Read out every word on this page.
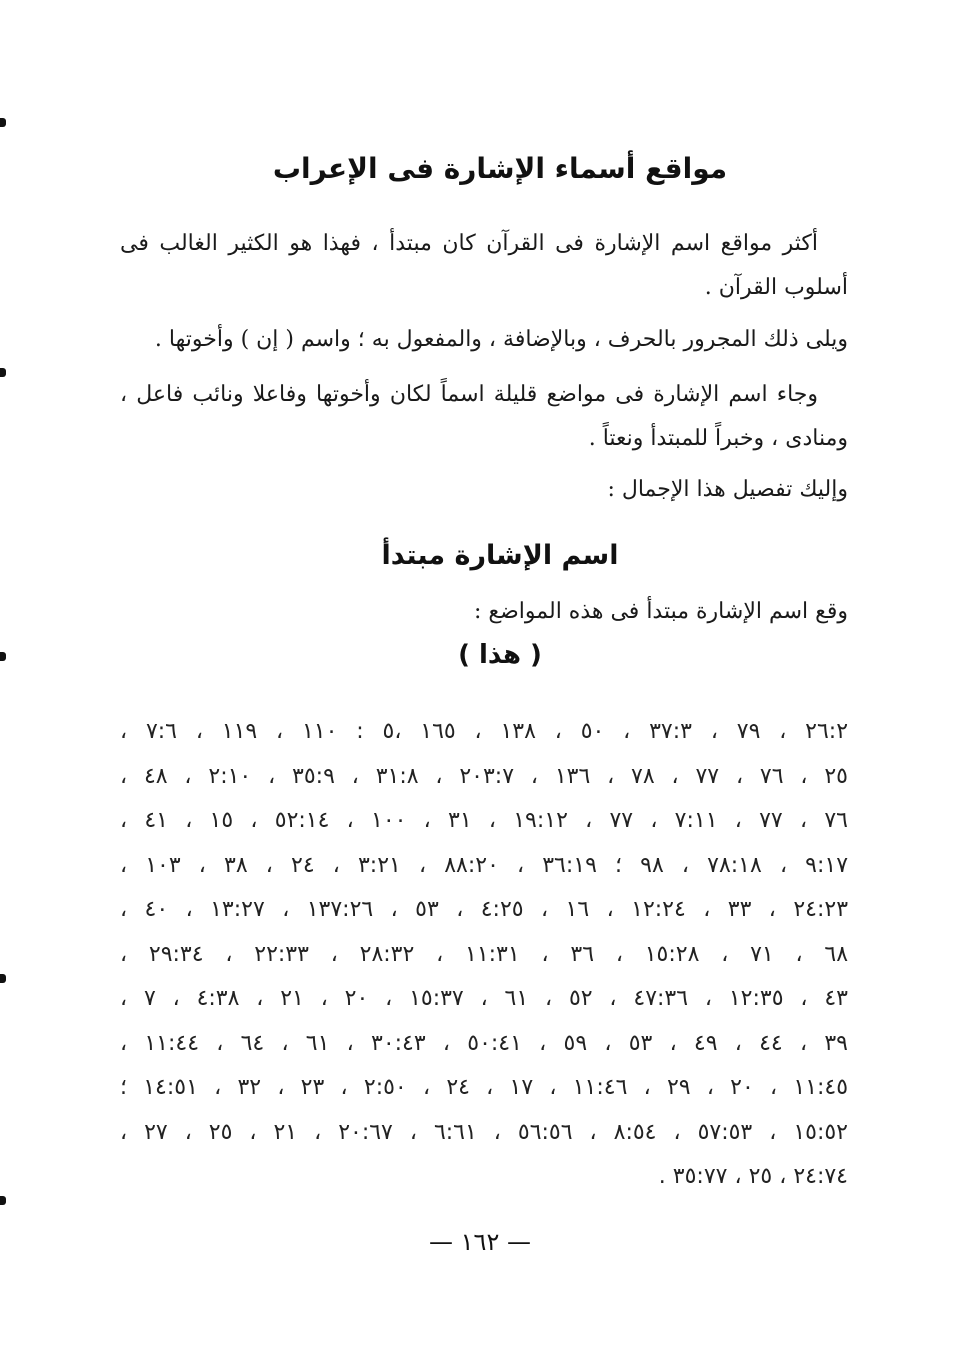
مواقع أسماء الإشارة فى الإعراب

أكثر مواقع اسم الإشارة فى القرآن كان مبتدأ ، فهذا هو الكثير الغالب فى أسلوب القرآن .

ويلى ذلك المجرور بالحرف ، وبالإضافة ، والمفعول به ؛ واسم ( إن ) وأخوتها .

وجاء اسم الإشارة فى مواضع قليلة اسماً لكان وأخوتها وفاعلا ونائب فاعل ، ومنادى ، وخبراً للمبتدأ ونعتاً .

وإليك تفصيل هذا الإجمال :

اسم الإشارة مبتدأ

وقع اسم الإشارة مبتدأ فى هذه المواضع :

( هذا )
٢٦:٢ ، ٧٩ ، ٣٧:٣ ، ٥٠ ، ١٣٨ ، ١٦٥ ،٥ : ١١٠ ، ١١٩ ، ٧:٦ ،
٢٥ ، ٧٦ ، ٧٧ ، ٧٨ ، ١٣٦ ، ٢٠٣:٧ ، ٣١:٨ ، ٣٥:٩ ، ٢:١٠ ، ٤٨ ،
٧٦ ، ٧٧ ، ٧:١١ ، ٧٧ ، ١٩:١٢ ، ٣١ ، ١٠٠ ، ٥٢:١٤ ، ١٥ ، ٤١ ،
٩:١٧ ، ٧٨:١٨ ، ٩٨ ؛ ٣٦:١٩ ، ٨٨:٢٠ ، ٣:٢١ ، ٢٤ ، ٣٨ ، ١٠٣ ،
٢٤:٢٣ ، ٣٣ ، ١٢:٢٤ ، ١٦ ، ٤:٢٥ ، ٥٣ ، ١٣٧:٢٦ ، ١٣:٢٧ ، ٤٠ ،
٦٨ ، ٧١ ، ١٥:٢٨ ، ٣٦ ، ١١:٣١ ، ٢٨:٣٢ ، ٢٢:٣٣ ، ٢٩:٣٤ ،
٤٣ ، ١٢:٣٥ ، ٤٧:٣٦ ، ٥٢ ، ٦١ ، ١٥:٣٧ ، ٢٠ ، ٢١ ، ٤:٣٨ ، ٧ ،
٣٩ ، ٤٤ ، ٤٩ ، ٥٣ ، ٥٩ ، ٥٠:٤١ ، ٣٠:٤٣ ، ٦١ ، ٦٤ ، ١١:٤٤ ،
١١:٤٥ ، ٢٠ ، ٢٩ ، ١١:٤٦ ، ١٧ ، ٢٤ ، ٢:٥٠ ، ٢٣ ، ٣٢ ، ١٤:٥١ ؛
١٥:٥٢ ، ٥٧:٥٣ ، ٨:٥٤ ، ٥٦:٥٦ ، ٦:٦١ ، ٢٠:٦٧ ، ٢١ ، ٢٥ ، ٢٧ ،
٢٤:٧٤ ، ٢٥ ، ٣٥:٧٧ .

— ١٦٢ —
